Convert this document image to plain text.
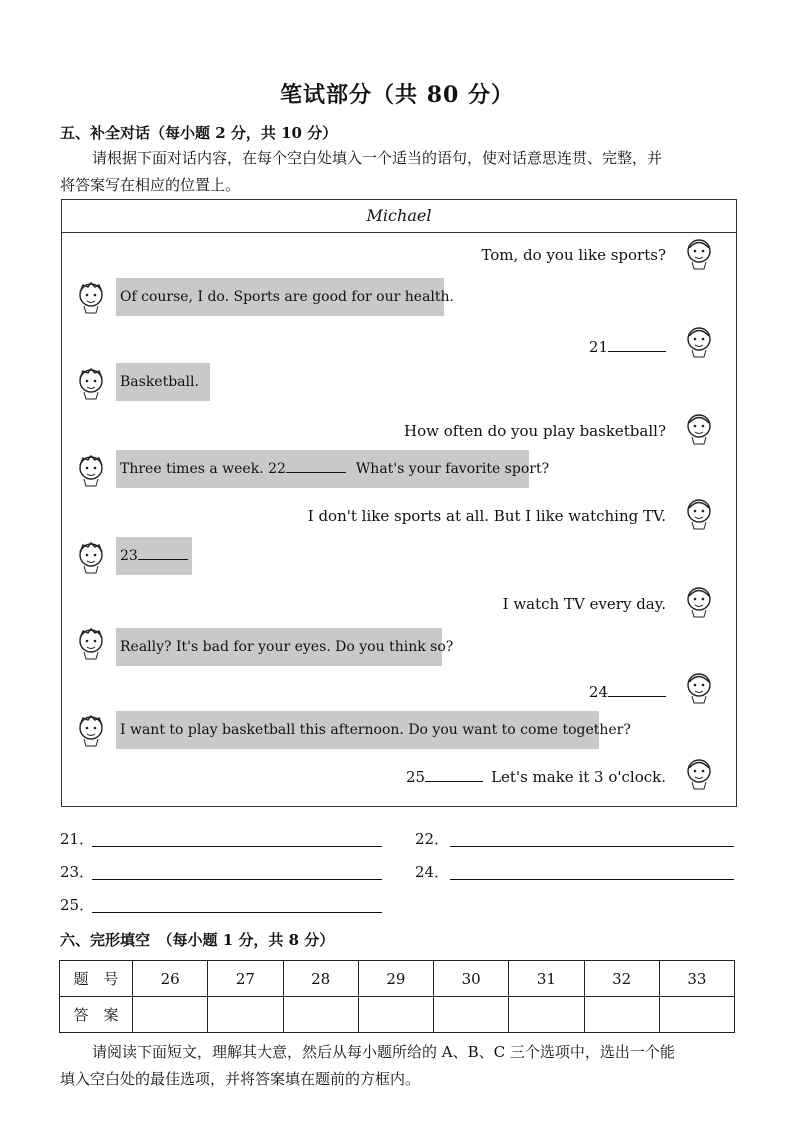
笔试部分（共 80 分）
五、补全对话（每小题 2 分，共 10 分）
请根据下面对话内容，在每个空白处填入一个适当的语句，使对话意思连贯、完整，并
将答案写在相应的位置上。
Michael
Tom, do you like sports?
21
How often do you play basketball?
I don't like sports at all. But I like watching TV.
I watch TV every day.
24
25	Let's make it 3 o'clock.
Of course, I do. Sports are good for our health.
Basketball.
Three times a week. 22	What's your favorite sport?
23
Really? It's bad for your eyes. Do you think so?
I want to play basketball this afternoon. Do you want to come together?
21．	22．
23．	24．
25．
六、完形填空　（每小题 1 分，共 8 分）
题　号	26	27	28	29	30	31	32	33
答　案								
请阅读下面短文，理解其大意，然后从每小题所给的 A、B、C 三个选项中，选出一个能
填入空白处的最佳选项，并将答案填在题前的方框内。
